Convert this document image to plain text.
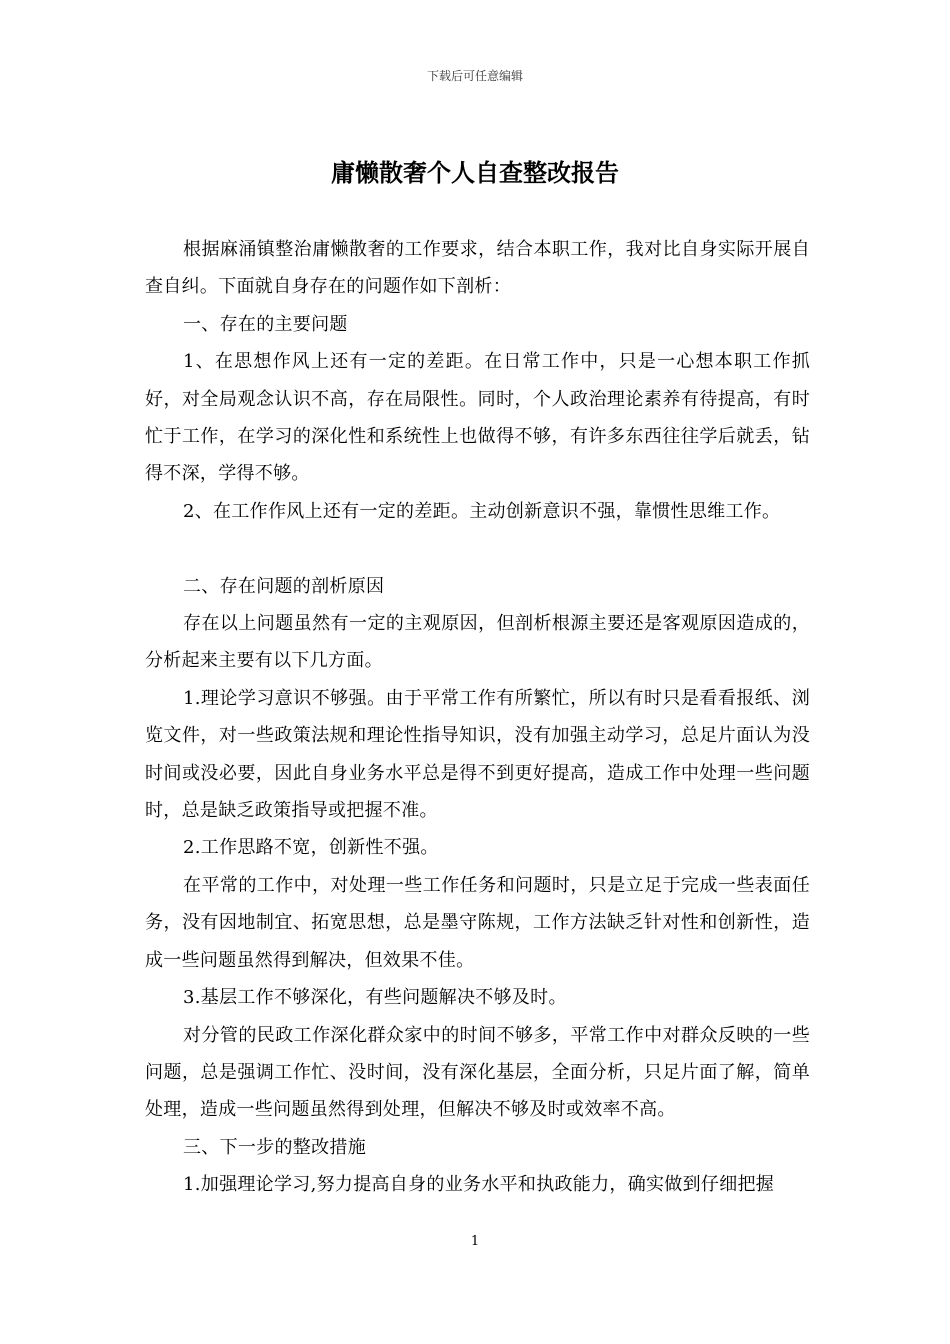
下载后可任意编辑
庸懒散奢个人自查整改报告

根据麻涌镇整治庸懒散奢的工作要求，结合本职工作，我对比自身实际开展自查自纠。下面就自身存在的问题作如下剖析：

一、存在的主要问题

1、在思想作风上还有一定的差距。在日常工作中，只是一心想本职工作抓好，对全局观念认识不高，存在局限性。同时，个人政治理论素养有待提高，有时忙于工作，在学习的深化性和系统性上也做得不够，有许多东西往往学后就丢，钻得不深，学得不够。

2、在工作作风上还有一定的差距。主动创新意识不强，靠惯性思维工作。

二、存在问题的剖析原因

存在以上问题虽然有一定的主观原因，但剖析根源主要还是客观原因造成的，分析起来主要有以下几方面。

1.理论学习意识不够强。由于平常工作有所繁忙，所以有时只是看看报纸、浏览文件，对一些政策法规和理论性指导知识，没有加强主动学习，总足片面认为没时间或没必要，因此自身业务水平总是得不到更好提高，造成工作中处理一些问题时，总是缺乏政策指导或把握不准。

2.工作思路不宽，创新性不强。

在平常的工作中，对处理一些工作任务和问题时，只是立足于完成一些表面任务，没有因地制宜、拓宽思想，总是墨守陈规，工作方法缺乏针对性和创新性，造成一些问题虽然得到解决，但效果不佳。

3.基层工作不够深化，有些问题解决不够及时。

对分管的民政工作深化群众家中的时间不够多，平常工作中对群众反映的一些问题，总是强调工作忙、没时间，没有深化基层，全面分析，只足片面了解，简单处理，造成一些问题虽然得到处理，但解决不够及时或效率不高。

三、下一步的整改措施

1.加强理论学习,努力提高自身的业务水平和执政能力，确实做到仔细把握

1
